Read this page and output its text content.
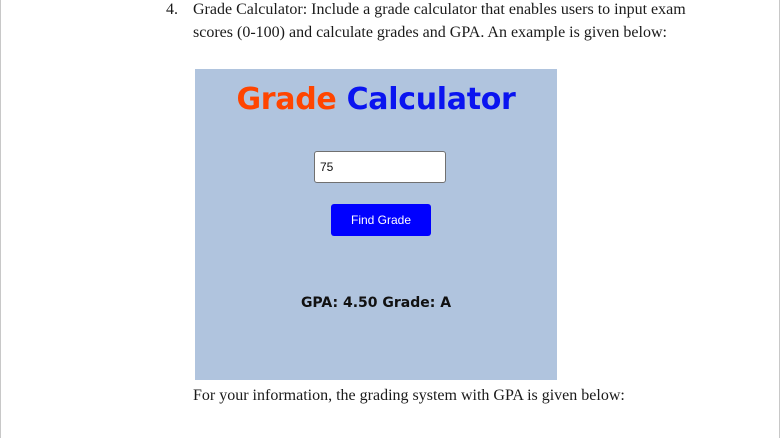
4. Grade Calculator: Include a grade calculator that enables users to input exam scores (0-100) and calculate grades and GPA. An example is given below:
Grade Calculator
75
Find Grade
GPA: 4.50 Grade: A
For your information, the grading system with GPA is given below:
